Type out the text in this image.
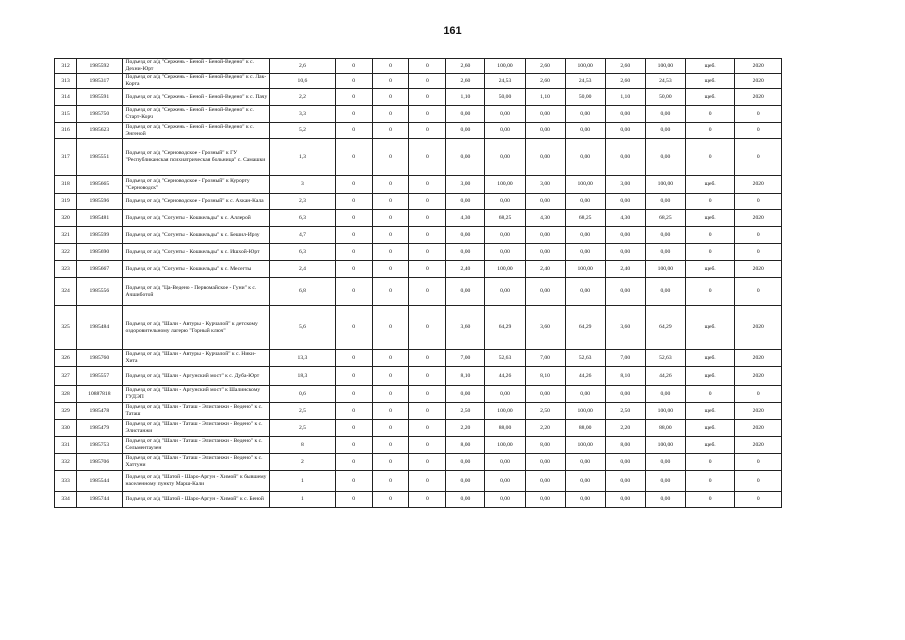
161
312	1985592	Подъезд от а/д "Сержень - Беной - Беной-Ведено" к с. Дехни-Юрт	2,6	0	0	0	2,60	100,00	2,60	100,00	2,60	100,00	щеб.	2020
313	1985317	Подъезд от а/д "Сержень - Беной - Беной-Ведено" к с. Лак-Корта	10,6	0	0	0	2,60	24,53	2,60	24,53	2,60	24,53	щеб.	2020
314	1985591	Подъезд от а/д "Сержень - Беной - Беной-Ведено" к с. Пачу	2,2	0	0	0	1,10	50,00	1,10	50,00	1,10	50,00	щеб.	2020
315	1985750	Подъезд от а/д "Сержень - Беной - Беной-Ведено" к с. Старт-Корч	3,3	0	0	0	0,00	0,00	0,00	0,00	0,00	0,00	0	0
316	1985623	Подъезд от а/д "Сержень - Беной - Беной-Ведено" к с. Энгеной	5,2	0	0	0	0,00	0,00	0,00	0,00	0,00	0,00	0	0
317	1985551	Подъезд от а/д "Серноводское - Грозный" к ГУ "Республиканская психиатрическая больница" с. Самашки	1,3	0	0	0	0,00	0,00	0,00	0,00	0,00	0,00	0	0
318	1985665	Подъезд от а/д "Серноводское - Грозный" к Курорту "Серноводск"	3	0	0	0	3,00	100,00	3,00	100,00	3,00	100,00	щеб.	2020
319	1985596	Подъезд от а/д "Серноводское - Грозный" к с. Ахкан-Кала	2,3	0	0	0	0,00	0,00	0,00	0,00	0,00	0,00	0	0
320	1985481	Подъезд от а/д "Согунты - Кошкельды" к с. Аллерой	6,3	0	0	0	4,30	68,25	4,30	68,25	4,30	68,25	щеб.	2020
321	1985599	Подъезд от а/д "Согунты - Кошкельды" к с. Бешил-Ирзу	4,7	0	0	0	0,00	0,00	0,00	0,00	0,00	0,00	0	0
322	1985690	Подъезд от а/д "Согунты - Кошкельды" к с. Ишхой-Юрт	6,3	0	0	0	0,00	0,00	0,00	0,00	0,00	0,00	0	0
323	1985667	Подъезд от а/д "Согунты - Кошкельды" к с. Месегты	2,4	0	0	0	2,40	100,00	2,40	100,00	2,40	100,00	щеб.	2020
324	1985556	Подъезд от а/д "Ца-Ведено - Первомайское - Гуни" к с. Ачшиботой	6,8	0	0	0	0,00	0,00	0,00	0,00	0,00	0,00	0	0
325	1985484	Подъезд от а/д "Шали - Автуры - Курчалой" к детскому оздоровительному лагерю "Горный ключ"	5,6	0	0	0	3,60	64,29	3,60	64,29	3,60	64,29	щеб.	2020
326	1985760	Подъезд от а/д "Шали - Автуры - Курчалой" к с. Ники-Хита	13,3	0	0	0	7,00	52,63	7,00	52,63	7,00	52,63	щеб.	2020
327	1985557	Подъезд от а/д "Шали - Аргунский мост" к с. Дуба-Юрт	18,3	0	0	0	8,10	44,26	8,10	44,26	8,10	44,26	щеб.	2020
328	10887818	Подъезд от а/д "Шали - Аргунский мост" к Шалинскому ГУДЭП	0,6	0	0	0	0,00	0,00	0,00	0,00	0,00	0,00	0	0
329	1985478	Подъезд от а/д "Шали - Таташ - Элистанжи - Ведено" к с. Таташ	2,5	0	0	0	2,50	100,00	2,50	100,00	2,50	100,00	щеб.	2020
330	1985479	Подъезд от а/д "Шали - Таташ - Элистанжи - Ведено" к с. Элистанжи	2,5	0	0	0	2,20	88,00	2,20	88,00	2,20	88,00	щеб.	2020
331	1985753	Подъезд от а/д "Шали - Таташ - Элистанжи - Ведено" к с. Сельментаузен	8	0	0	0	8,00	100,00	8,00	100,00	8,00	100,00	щеб.	2020
332	1985706	Подъезд от а/д "Шали - Таташ - Элистанжи - Ведено" к с. Хаттуни	2	0	0	0	0,00	0,00	0,00	0,00	0,00	0,00	0	0
333	1985544	Подъезд от а/д "Шатой - Шаро-Аргун - Химой" к бывшему населенному пункту Марш-Кали	1	0	0	0	0,00	0,00	0,00	0,00	0,00	0,00	0	0
334	1985744	Подъезд от а/д "Шатой - Шаро-Аргун - Химой" к с. Беной	1	0	0	0	0,00	0,00	0,00	0,00	0,00	0,00	0	0
